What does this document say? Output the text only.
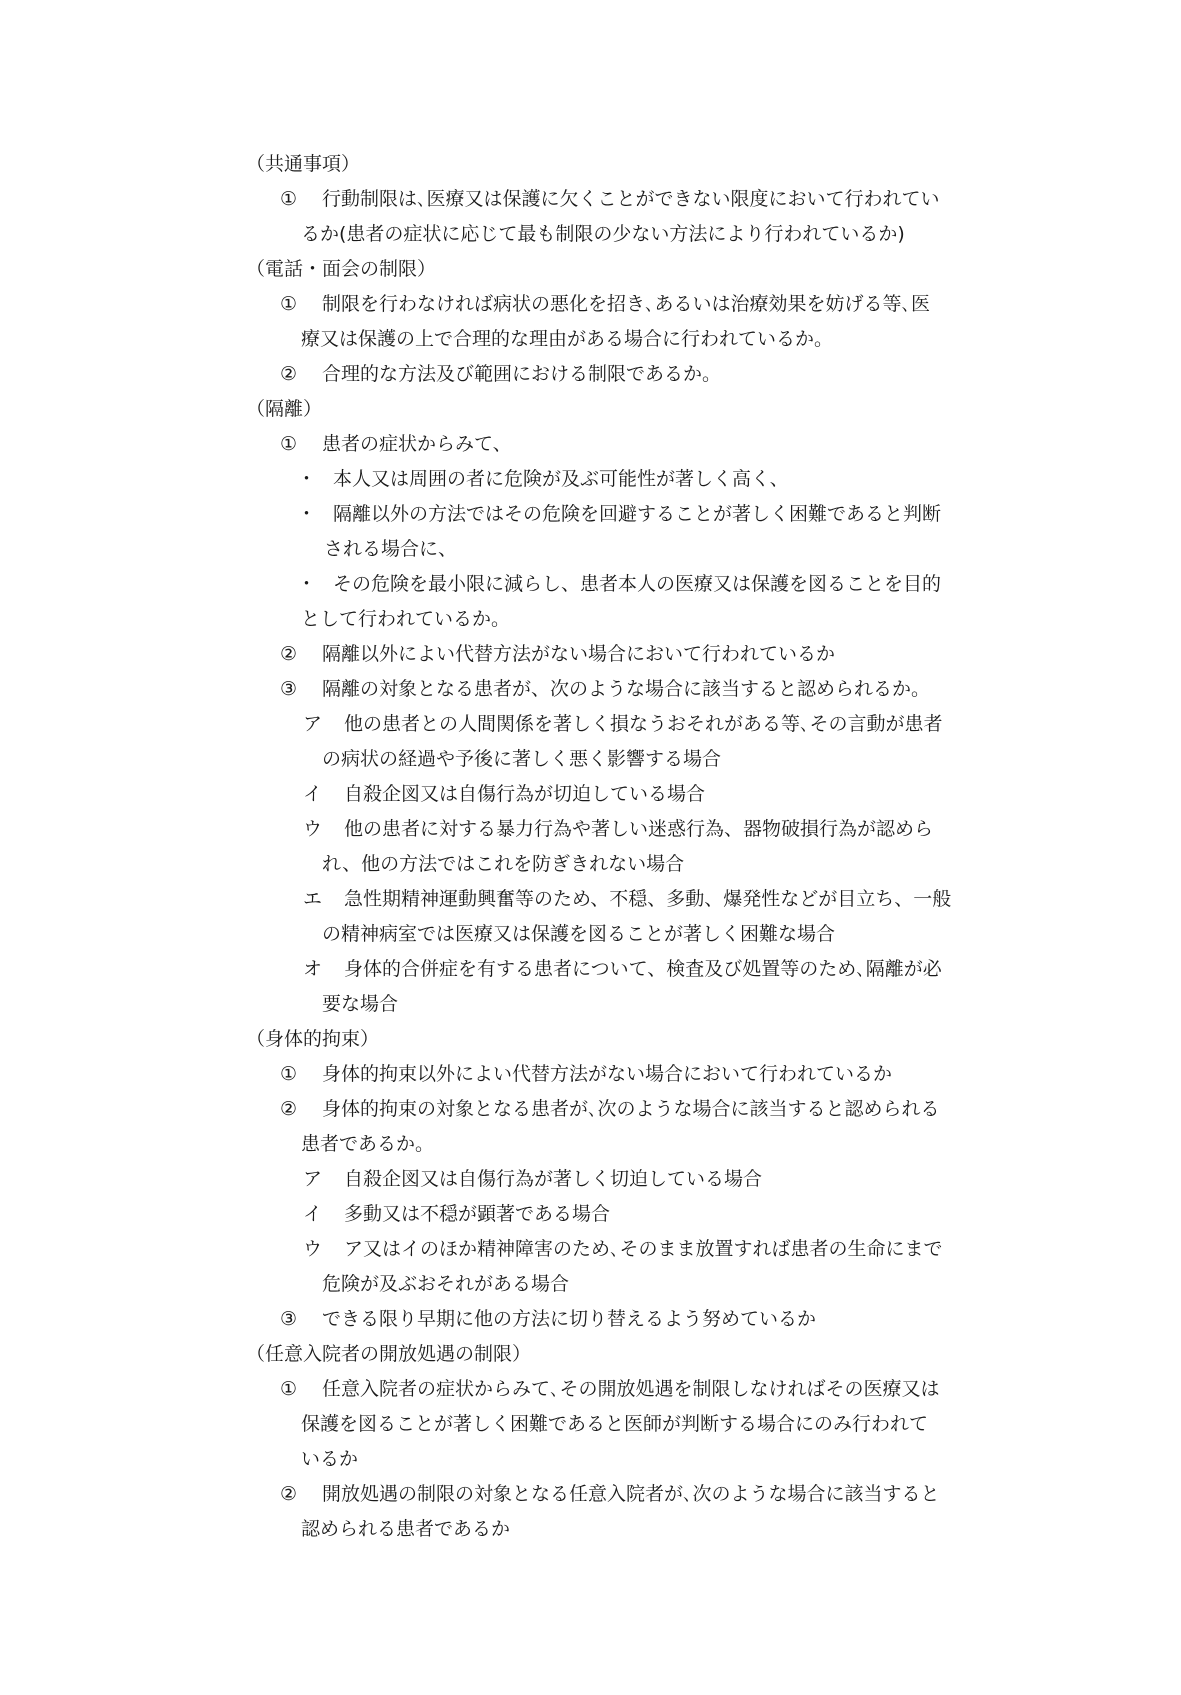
（共通事項）
① 行動制限は､医療又は保護に欠くことができない限度において行われてい
るか(患者の症状に応じて最も制限の少ない方法により行われているか)
（電話・面会の制限）
① 制限を行わなければ病状の悪化を招き､あるいは治療効果を妨げる等､医
療又は保護の上で合理的な理由がある場合に行われているか。
② 合理的な方法及び範囲における制限であるか。
（隔離）
① 患者の症状からみて、
・ 本人又は周囲の者に危険が及ぶ可能性が著しく高く、
・ 隔離以外の方法ではその危険を回避することが著しく困難であると判断
される場合に、
・ その危険を最小限に減らし、患者本人の医療又は保護を図ることを目的
として行われているか。
② 隔離以外によい代替方法がない場合において行われているか
③ 隔離の対象となる患者が、次のような場合に該当すると認められるか。
ア 他の患者との人間関係を著しく損なうおそれがある等､その言動が患者
の病状の経過や予後に著しく悪く影響する場合
イ 自殺企図又は自傷行為が切迫している場合
ウ 他の患者に対する暴力行為や著しい迷惑行為、器物破損行為が認めら
れ、他の方法ではこれを防ぎきれない場合
エ 急性期精神運動興奮等のため、不穏、多動、爆発性などが目立ち、一般
の精神病室では医療又は保護を図ることが著しく困難な場合
オ 身体的合併症を有する患者について、検査及び処置等のため､隔離が必
要な場合
（身体的拘束）
① 身体的拘束以外によい代替方法がない場合において行われているか
② 身体的拘束の対象となる患者が､次のような場合に該当すると認められる
患者であるか。
ア 自殺企図又は自傷行為が著しく切迫している場合
イ 多動又は不穏が顕著である場合
ウ ア又はイのほか精神障害のため､そのまま放置すれば患者の生命にまで
危険が及ぶおそれがある場合
③ できる限り早期に他の方法に切り替えるよう努めているか
（任意入院者の開放処遇の制限）
① 任意入院者の症状からみて､その開放処遇を制限しなければその医療又は
保護を図ることが著しく困難であると医師が判断する場合にのみ行われて
いるか
② 開放処遇の制限の対象となる任意入院者が､次のような場合に該当すると
認められる患者であるか
